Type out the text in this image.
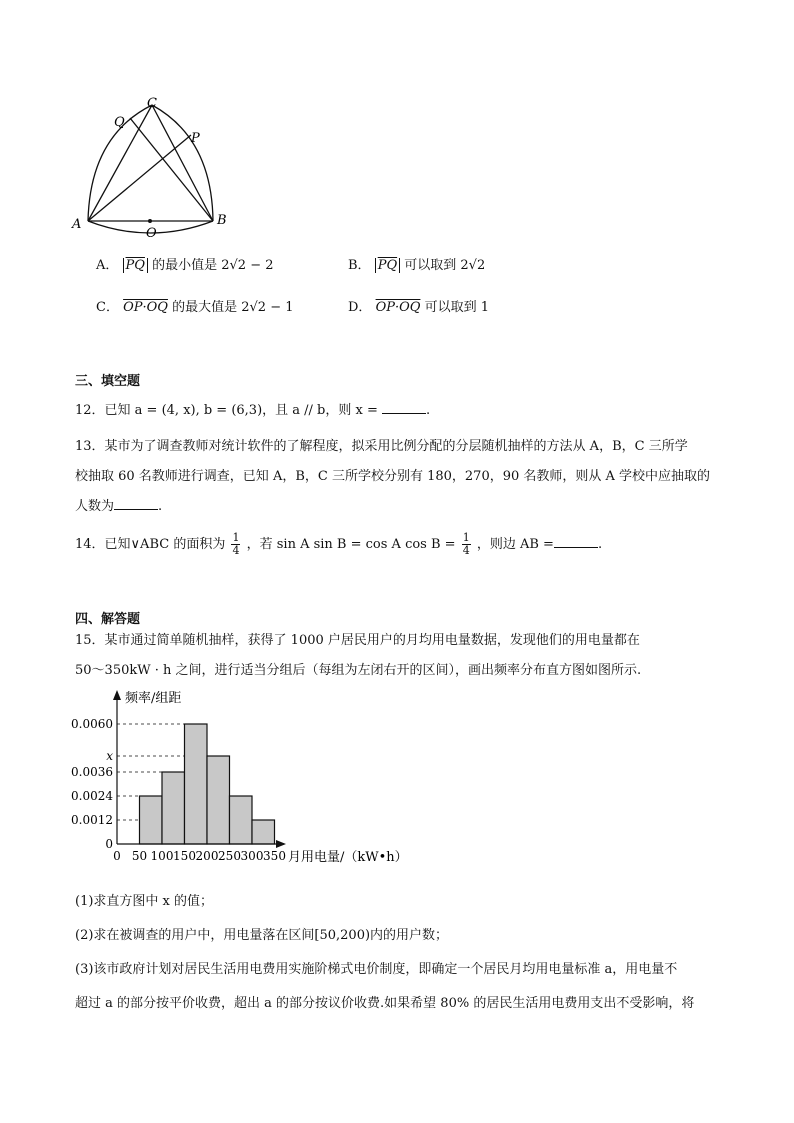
C
Q
P
A	B
O
A． $\overline{PQ}$ 的最小值是 2√2 − 2	B． $\overline{PQ}$ 可以取到 2√2
C． OP·OQ 的最大值是 2√2 − 1	D． OP·OQ 可以取到 1
三、填空题
12．已知 a = (4, x), b = (6,3)，且 a // b，则 x =	.
13．某市为了调查教师对统计软件的了解程度，拟采用比例分配的分层随机抽样的方法从 A，B，C 三所学
校抽取 60 名教师进行调查，已知 A，B，C 三所学校分别有 180，270，90 名教师，则从 A 学校中应抽取的
人数为	.
14．已知∨ABC 的面积为 $\frac{1}{4}$ ，若 sin A sin B = cos A $\cos B = \frac{1}{4}$ ，则边 AB =	.
四、解答题
15．某市通过简单随机抽样，获得了 1000 户居民用户的月均用电量数据，发现他们的用电量都在
50～350kW · h 之间，进行适当分组后（每组为左闭右开的区间），画出频率分布直方图如图所示.
0.0012
0.0024
0.0036
x
0.0060
0
0 50 100 150 200 250 300 350
频率/组距
月用电量/（kW•h）
(1)求直方图中 x 的值；
(2)求在被调查的用户中，用电量落在区间[50,200)内的用户数；
(3)该市政府计划对居民生活用电费用实施阶梯式电价制度，即确定一个居民月均用电量标准 a，用电量不
超过 a 的部分按平价收费，超出 a 的部分按议价收费.如果希望 80% 的居民生活用电费用支出不受影响，将
